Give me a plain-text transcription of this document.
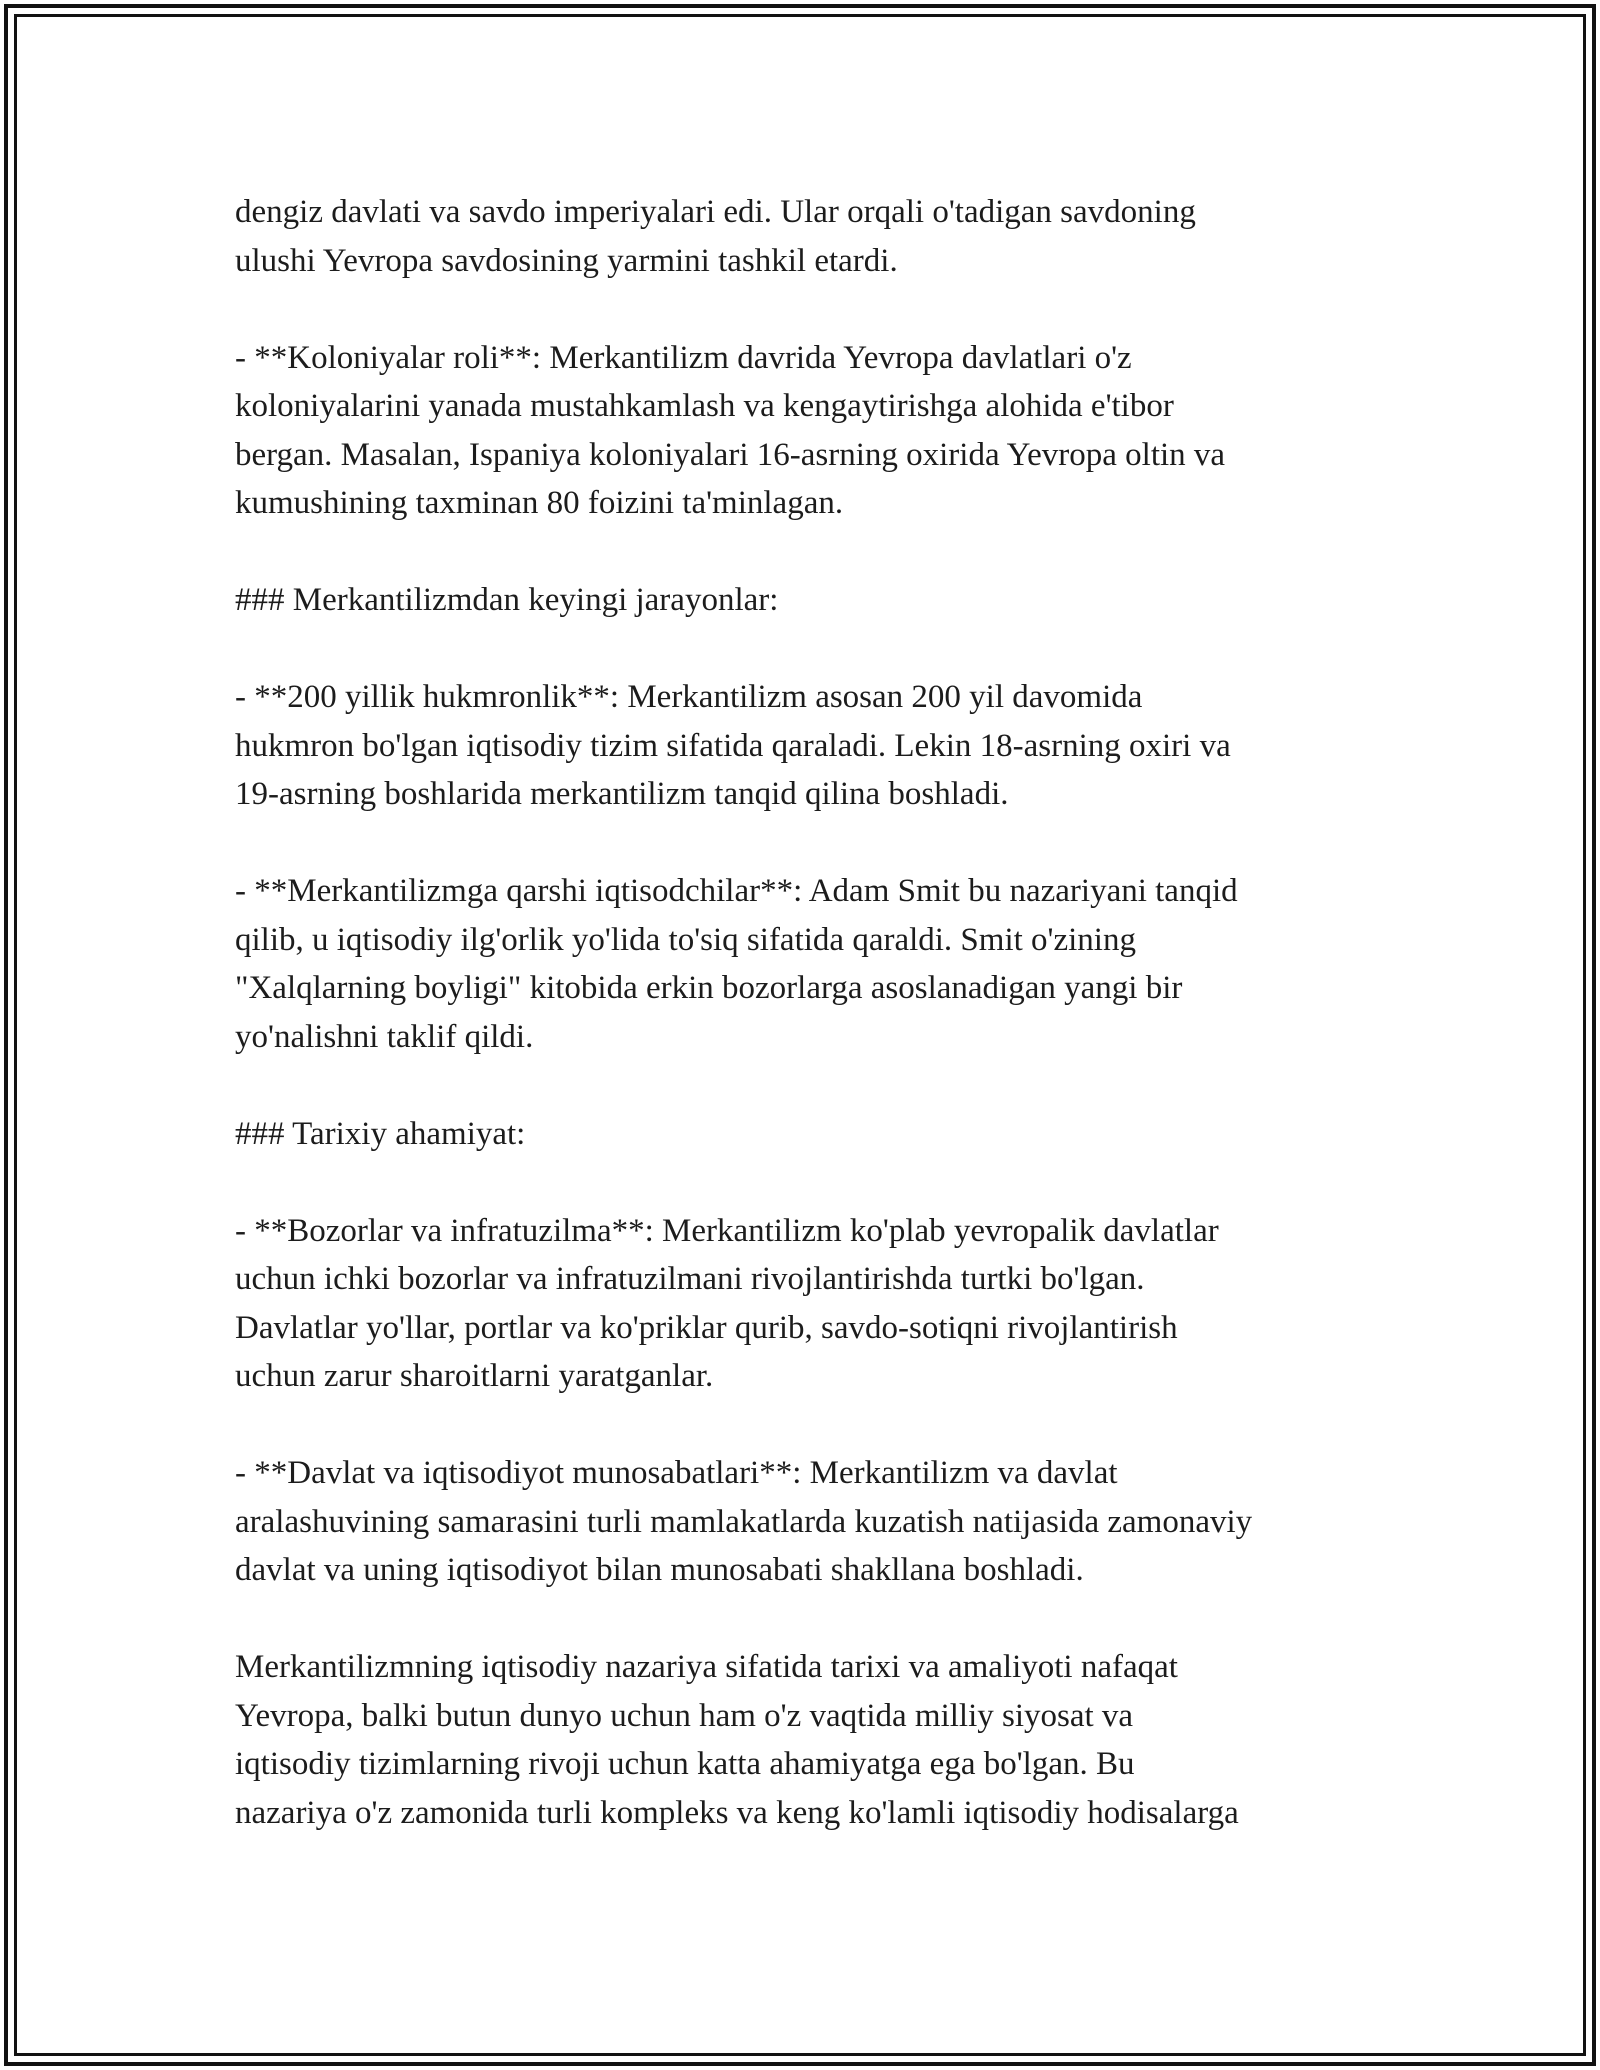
dengiz davlati va savdo imperiyalari edi. Ular orqali o'tadigan savdoning
ulushi Yevropa savdosining yarmini tashkil etardi.

- **Koloniyalar roli**: Merkantilizm davrida Yevropa davlatlari o'z
koloniyalarini yanada mustahkamlash va kengaytirishga alohida e'tibor
bergan. Masalan, Ispaniya koloniyalari 16-asrning oxirida Yevropa oltin va
kumushining taxminan 80 foizini ta'minlagan.

### Merkantilizmdan keyingi jarayonlar:

- **200 yillik hukmronlik**: Merkantilizm asosan 200 yil davomida
hukmron bo'lgan iqtisodiy tizim sifatida qaraladi. Lekin 18-asrning oxiri va
19-asrning boshlarida merkantilizm tanqid qilina boshladi.

- **Merkantilizmga qarshi iqtisodchilar**: Adam Smit bu nazariyani tanqid
qilib, u iqtisodiy ilg'orlik yo'lida to'siq sifatida qaraldi. Smit o'zining
"Xalqlarning boyligi" kitobida erkin bozorlarga asoslanadigan yangi bir
yo'nalishni taklif qildi.

### Tarixiy ahamiyat:

- **Bozorlar va infratuzilma**: Merkantilizm ko'plab yevropalik davlatlar
uchun ichki bozorlar va infratuzilmani rivojlantirishda turtki bo'lgan.
Davlatlar yo'llar, portlar va ko'priklar qurib, savdo-sotiqni rivojlantirish
uchun zarur sharoitlarni yaratganlar.

- **Davlat va iqtisodiyot munosabatlari**: Merkantilizm va davlat
aralashuvining samarasini turli mamlakatlarda kuzatish natijasida zamonaviy
davlat va uning iqtisodiyot bilan munosabati shakllana boshladi.

Merkantilizmning iqtisodiy nazariya sifatida tarixi va amaliyoti nafaqat
Yevropa, balki butun dunyo uchun ham o'z vaqtida milliy siyosat va
iqtisodiy tizimlarning rivoji uchun katta ahamiyatga ega bo'lgan. Bu
nazariya o'z zamonida turli kompleks va keng ko'lamli iqtisodiy hodisalarga
